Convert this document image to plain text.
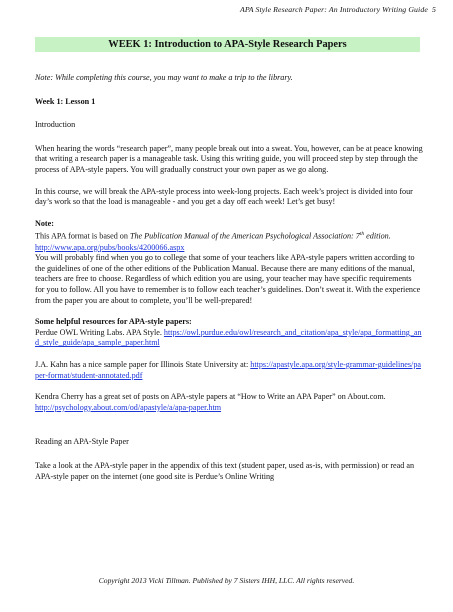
APA Style Research Paper: An Introductory Writing Guide 5
WEEK 1: Introduction to APA-Style Research Papers

Note: While completing this course, you may want to make a trip to the library.

Week 1: Lesson 1

Introduction

When hearing the words “research paper”, many people break out into a sweat. You, however, can be at peace knowing that writing a research paper is a manageable task. Using this writing guide, you will proceed step by step through the process of APA-style papers. You will gradually construct your own paper as we go along.

In this course, we will break the APA-style process into week-long projects. Each week’s project is divided into four day’s work so that the load is manageable - and you get a day off each week! Let’s get busy!

Note:

This APA format is based on The Publication Manual of the American Psychological Association: 7th edition. http://www.apa.org/pubs/books/4200066.aspx

You will probably find when you go to college that some of your teachers like APA-style papers written according to the guidelines of one of the other editions of the Publication Manual. Because there are many editions of the manual, teachers are free to choose. Regardless of which edition you are using, your teacher may have specific requirements for you to follow. All you have to remember is to follow each teacher’s guidelines. Don’t sweat it. With the experience from the paper you are about to complete, you’ll be well-prepared!

Some helpful resources for APA-style papers:

Perdue OWL Writing Labs. APA Style. https://owl.purdue.edu/owl/research_and_citation/apa_style/apa_formatting_and_style_guide/apa_sample_paper.html

J.A. Kahn has a nice sample paper for Illinois State University at: https://apastyle.apa.org/style-grammar-guidelines/paper-format/student-annotated.pdf

Kendra Cherry has a great set of posts on APA-style papers at “How to Write an APA Paper” on About.com. http://psychology.about.com/od/apastyle/a/apa-paper.htm

Reading an APA-Style Paper

Take a look at the APA-style paper in the appendix of this text (student paper, used as-is, with permission) or read an APA-style paper on the internet (one good site is Perdue’s Online Writing

Copyright 2013 Vicki Tillman. Published by 7 Sisters IHH, LLC. All rights reserved.
